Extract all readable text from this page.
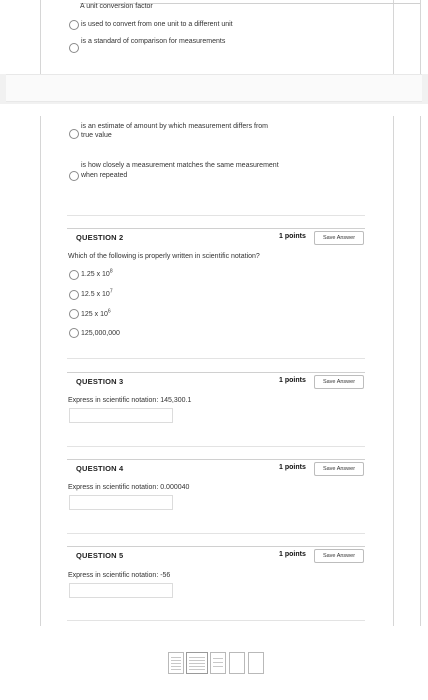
A unit conversion factor
is used to convert from one unit to a different unit
is a standard of comparison for measurements
is an estimate of amount by which measurement differs from
true value
is how closely a measurement matches the same measurement
when repeated
QUESTION 2	1 points	Save Answer
Which of the following is properly written in scientific notation?
1.25 x $10^8$
12.5 x $10^7$
125 x $10^6$
125,000,000
QUESTION 3	1 points	Save Answer
Express in scientific notation: 145,300.1
QUESTION 4	1 points	Save Answer
Express in scientific notation: 0.000040
QUESTION 5	1 points	Save Answer
Express in scientific notation: -56
